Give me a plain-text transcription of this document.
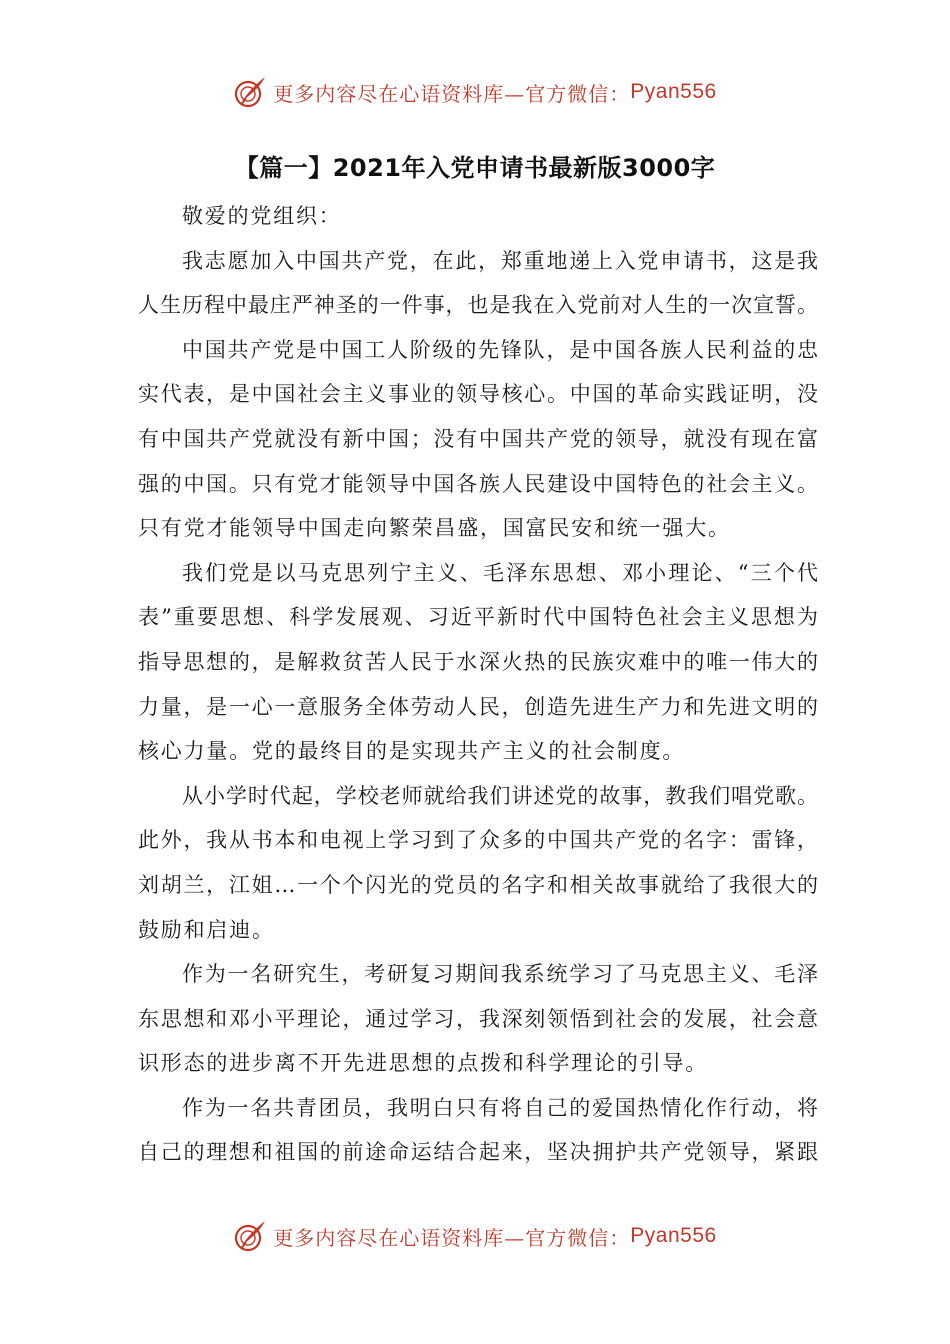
更多内容尽在心语资料库—官方微信： Pyan556
【篇一】2021年入党申请书最新版3000字
敬爱的党组织：
我志愿加入中国共产党，在此，郑重地递上入党申请书，这是我
人生历程中最庄严神圣的一件事，也是我在入党前对人生的一次宣誓。
中国共产党是中国工人阶级的先锋队，是中国各族人民利益的忠
实代表，是中国社会主义事业的领导核心。中国的革命实践证明，没
有中国共产党就没有新中国；没有中国共产党的领导，就没有现在富
强的中国。只有党才能领导中国各族人民建设中国特色的社会主义。
只有党才能领导中国走向繁荣昌盛，国富民安和统一强大。
我们党是以马克思列宁主义、毛泽东思想、邓小理论、“三个代
表”重要思想、科学发展观、习近平新时代中国特色社会主义思想为
指导思想的，是解救贫苦人民于水深火热的民族灾难中的唯一伟大的
力量，是一心一意服务全体劳动人民，创造先进生产力和先进文明的
核心力量。党的最终目的是实现共产主义的社会制度。
从小学时代起，学校老师就给我们讲述党的故事，教我们唱党歌。
此外，我从书本和电视上学习到了众多的中国共产党的名字：雷锋，
刘胡兰，江姐…一个个闪光的党员的名字和相关故事就给了我很大的
鼓励和启迪。
作为一名研究生，考研复习期间我系统学习了马克思主义、毛泽
东思想和邓小平理论，通过学习，我深刻领悟到社会的发展，社会意
识形态的进步离不开先进思想的点拨和科学理论的引导。
作为一名共青团员，我明白只有将自己的爱国热情化作行动，将
自己的理想和祖国的前途命运结合起来，坚决拥护共产党领导，紧跟
更多内容尽在心语资料库—官方微信： Pyan556
